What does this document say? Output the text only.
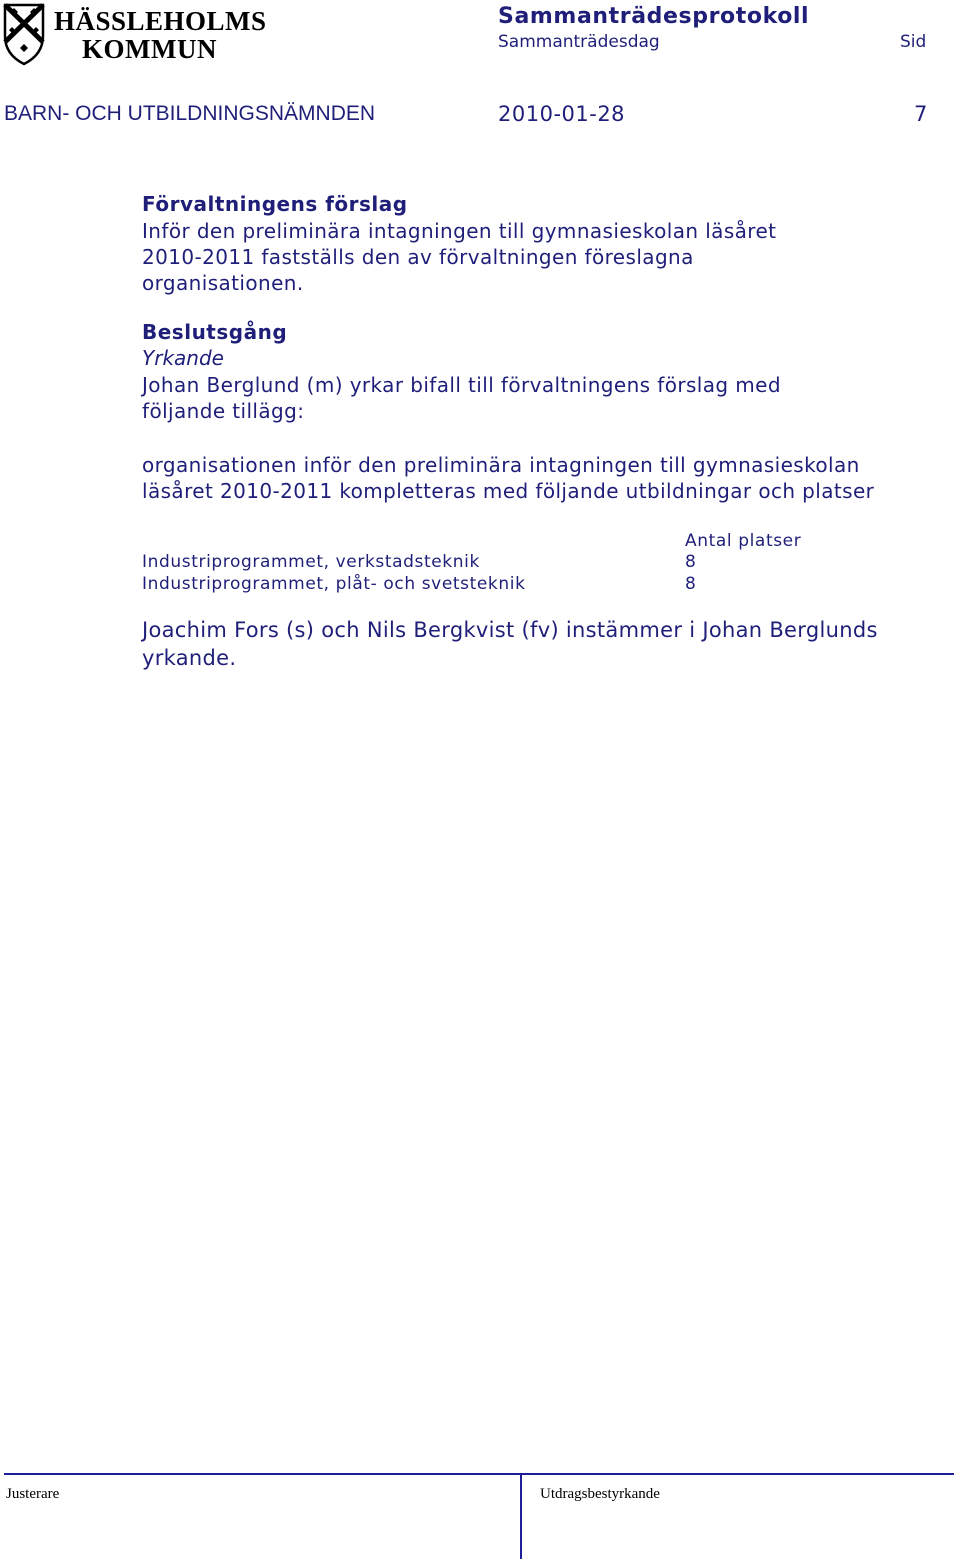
HÄSSLEHOLMS
KOMMUN
Sammanträdesprotokoll
Sammanträdesdag	Sid
BARN- OCH UTBILDNINGSNÄMNDEN	2010-01-28	7
Förvaltningens förslag
Inför den preliminära intagningen till gymnasieskolan läsåret 2010-2011 fastställs den av förvaltningen föreslagna organisationen.
Beslutsgång
Yrkande
Johan Berglund (m) yrkar bifall till förvaltningens förslag med följande tillägg:
organisationen inför den preliminära intagningen till gymnasieskolan läsåret 2010-2011 kompletteras med följande utbildningar och platser
Antal platser
Industriprogrammet, verkstadsteknik	8
Industriprogrammet, plåt- och svetsteknik	8
Joachim Fors (s) och Nils Bergkvist (fv) instämmer i Johan Berglunds yrkande.
Justerare	Utdragsbestyrkande
